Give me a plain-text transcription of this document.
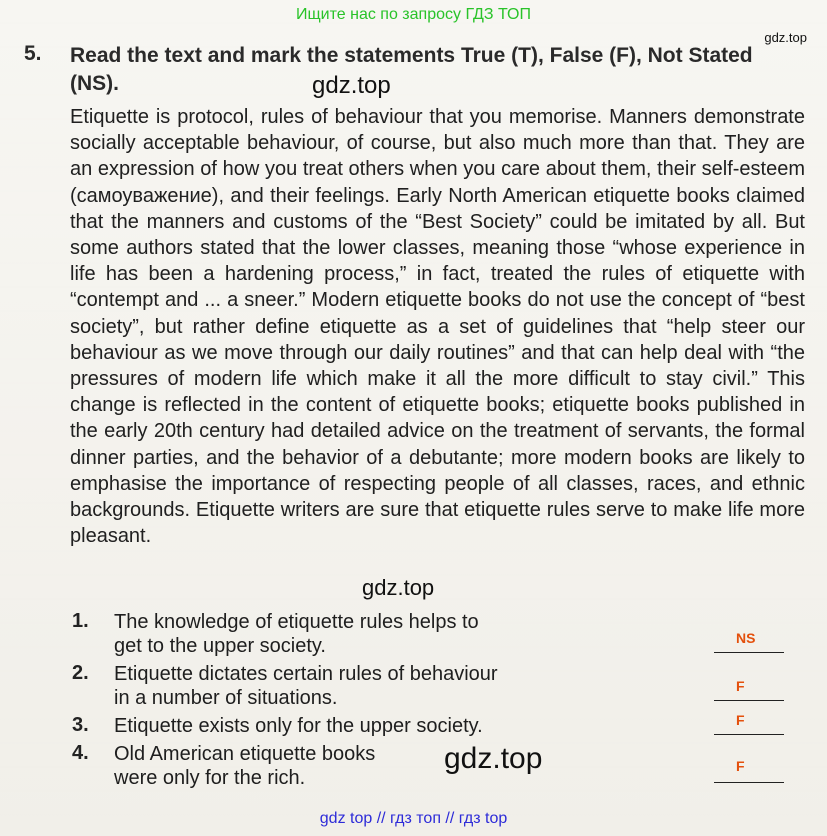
Ищите нас по запросу ГДЗ ТОП
gdz.top
5. Read the text and mark the statements True (T), False (F), Not Stated (NS).
Etiquette is protocol, rules of behaviour that you memorise. Manners demonstrate socially acceptable behaviour, of course, but also much more than that. They are an expression of how you treat others when you care about them, their self-esteem (самоуважение), and their feelings. Early North American etiquette books claimed that the manners and customs of the “Best Society” could be imitated by all. But some authors stated that the lower classes, meaning those “whose experience in life has been a hardening process,” in fact, treated the rules of etiquette with “contempt and ... a sneer.” Modern etiquette books do not use the concept of “best society”, but rather define etiquette as a set of guidelines that “help steer our behaviour as we move through our daily routines” and that can help deal with “the pressures of modern life which make it all the more difficult to stay civil.” This change is reflected in the content of etiquette books; etiquette books published in the early 20th century had detailed advice on the treatment of servants, the formal dinner parties, and the behavior of a debutante; more modern books are likely to emphasise the importance of respecting people of all classes, races, and ethnic backgrounds. Etiquette writers are sure that etiquette rules serve to make life more pleasant.
gdz.top
gdz.top
1. The knowledge of etiquette rules helps to
get to the upper society.	NS
2. Etiquette dictates certain rules of behaviour
in a number of situations.
F
3. Etiquette exists only for the upper society.	F
4. Old American etiquette books
were only for the rich.
F
gdz.top
gdz top // гдз топ // гдз top
